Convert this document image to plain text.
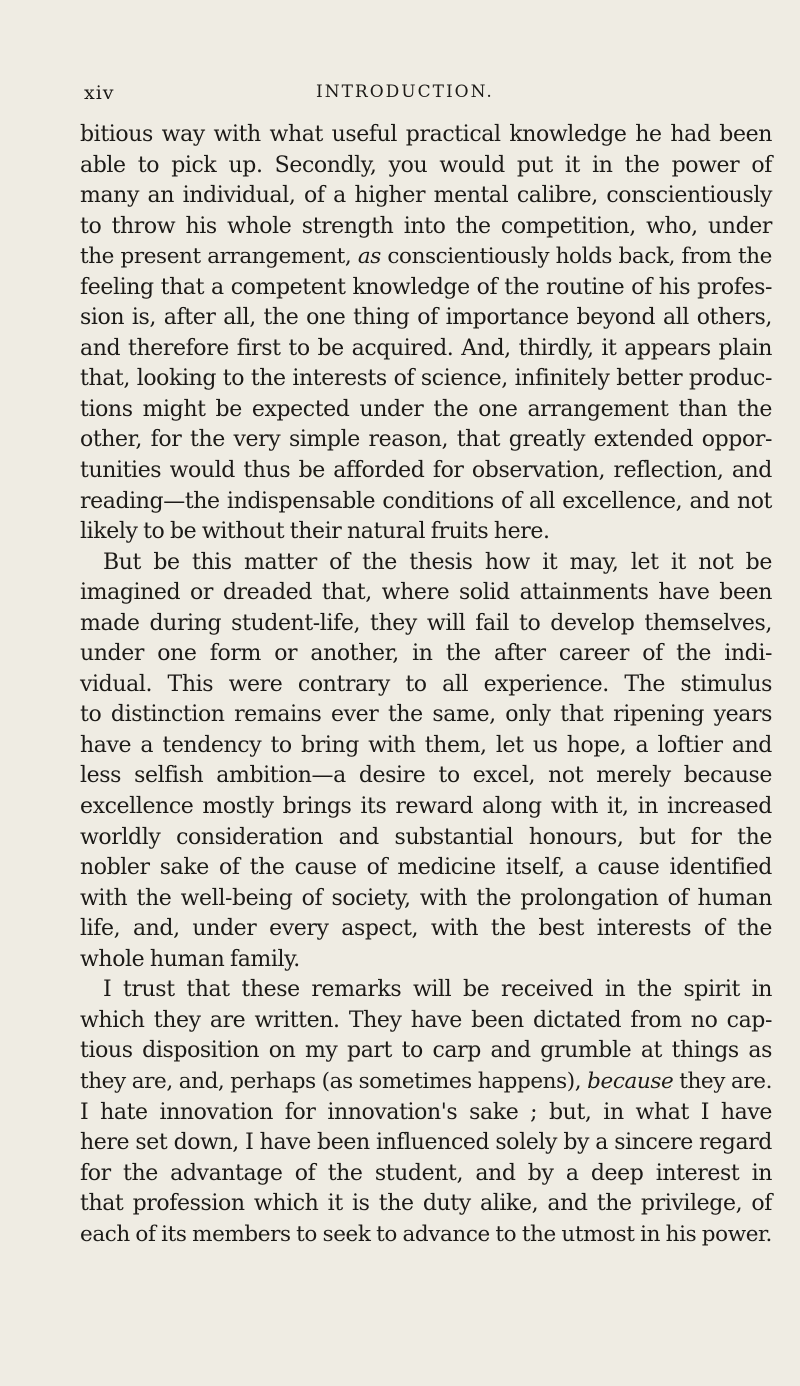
xiv	INTRODUCTION.
bitious way with what useful practical knowledge he had been
able to pick up. Secondly, you would put it in the power of
many an individual, of a higher mental calibre, conscientiously
to throw his whole strength into the competition, who, under
the present arrangement, as conscientiously holds back, from the
feeling that a competent knowledge of the routine of his profes-
sion is, after all, the one thing of importance beyond all others,
and therefore first to be acquired. And, thirdly, it appears plain
that, looking to the interests of science, infinitely better produc-
tions might be expected under the one arrangement than the
other, for the very simple reason, that greatly extended oppor-
tunities would thus be afforded for observation, reflection, and
reading—the indispensable conditions of all excellence, and not
likely to be without their natural fruits here.
But be this matter of the thesis how it may, let it not be
imagined or dreaded that, where solid attainments have been
made during student-life, they will fail to develop themselves,
under one form or another, in the after career of the indi-
vidual. This were contrary to all experience. The stimulus
to distinction remains ever the same, only that ripening years
have a tendency to bring with them, let us hope, a loftier and
less selfish ambition—a desire to excel, not merely because
excellence mostly brings its reward along with it, in increased
worldly consideration and substantial honours, but for the
nobler sake of the cause of medicine itself, a cause identified
with the well-being of society, with the prolongation of human
life, and, under every aspect, with the best interests of the
whole human family.
I trust that these remarks will be received in the spirit in
which they are written. They have been dictated from no cap-
tious disposition on my part to carp and grumble at things as
they are, and, perhaps (as sometimes happens), because they are.
I hate innovation for innovation's sake ; but, in what I have
here set down, I have been influenced solely by a sincere regard
for the advantage of the student, and by a deep interest in
that profession which it is the duty alike, and the privilege, of
each of its members to seek to advance to the utmost in his power.
